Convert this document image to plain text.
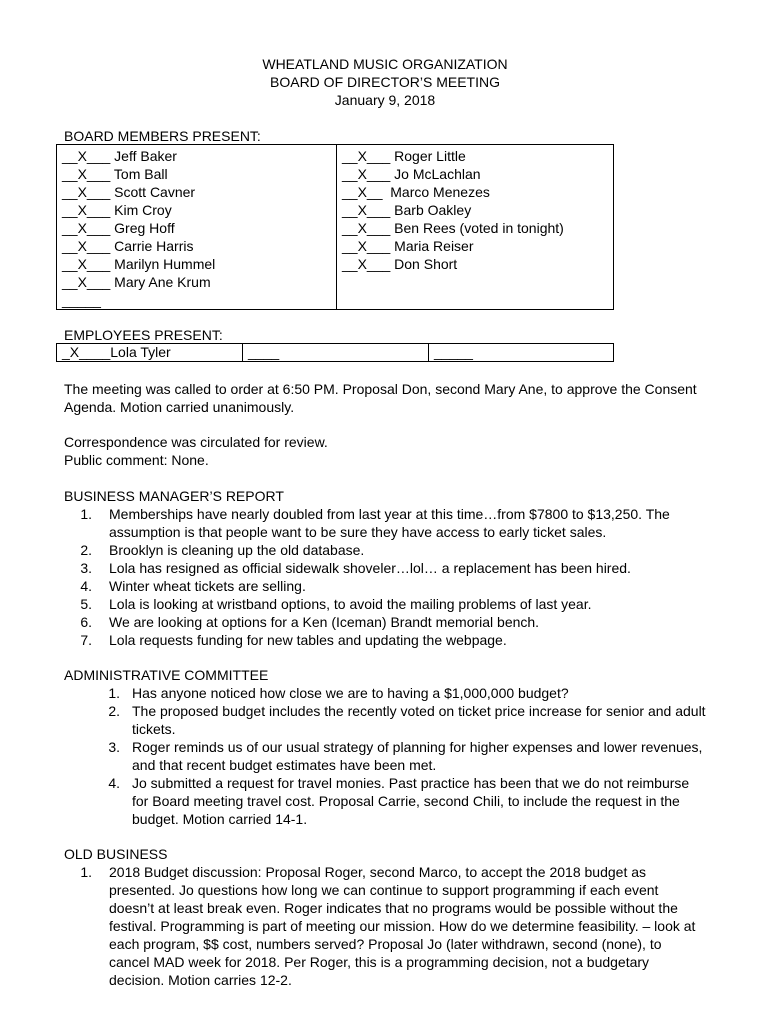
WHEATLAND MUSIC ORGANIZATION
BOARD OF DIRECTOR’S MEETING
January 9, 2018
BOARD MEMBERS PRESENT:
__X___ Jeff Baker
__X___ Tom Ball
__X___ Scott Cavner
__X___ Kim Croy
__X___ Greg Hoff
__X___ Carrie Harris
__X___ Marilyn Hummel
__X___ Mary Ane Krum
_____

__X___ Roger Little
__X___ Jo McLachlan
__X__  Marco Menezes
__X___ Barb Oakley
__X___ Ben Rees (voted in tonight)
__X___ Maria Reiser
__X___ Don Short
EMPLOYEES PRESENT:
_X____Lola Tyler	____	_____
The meeting was called to order at 6:50 PM. Proposal Don, second Mary Ane, to approve the Consent
Agenda. Motion carried unanimously.
Correspondence was circulated for review.
Public comment: None.
BUSINESS MANAGER’S REPORT
1.	Memberships have nearly doubled from last year at this time…from $7800 to $13,250. The
assumption is that people want to be sure they have access to early ticket sales.
2.	Brooklyn is cleaning up the old database.
3.	Lola has resigned as official sidewalk shoveler…lol… a replacement has been hired.
4.	Winter wheat tickets are selling.
5.	Lola is looking at wristband options, to avoid the mailing problems of last year.
6.	We are looking at options for a Ken (Iceman) Brandt memorial bench.
7.	Lola requests funding for new tables and updating the webpage.
ADMINISTRATIVE COMMITTEE
1. Has anyone noticed how close we are to having a $1,000,000 budget?
2. The proposed budget includes the recently voted on ticket price increase for senior and adult
tickets.
3. Roger reminds us of our usual strategy of planning for higher expenses and lower revenues,
and that recent budget estimates have been met.
4. Jo submitted a request for travel monies. Past practice has been that we do not reimburse
for Board meeting travel cost. Proposal Carrie, second Chili, to include the request in the
budget. Motion carried 14-1.
OLD BUSINESS
1.	2018 Budget discussion: Proposal Roger, second Marco, to accept the 2018 budget as
presented. Jo questions how long we can continue to support programming if each event
doesn’t at least break even. Roger indicates that no programs would be possible without the
festival. Programming is part of meeting our mission. How do we determine feasibility. – look at
each program, $$ cost, numbers served? Proposal Jo (later withdrawn, second (none), to
cancel MAD week for 2018. Per Roger, this is a programming decision, not a budgetary
decision. Motion carries 12-2.
